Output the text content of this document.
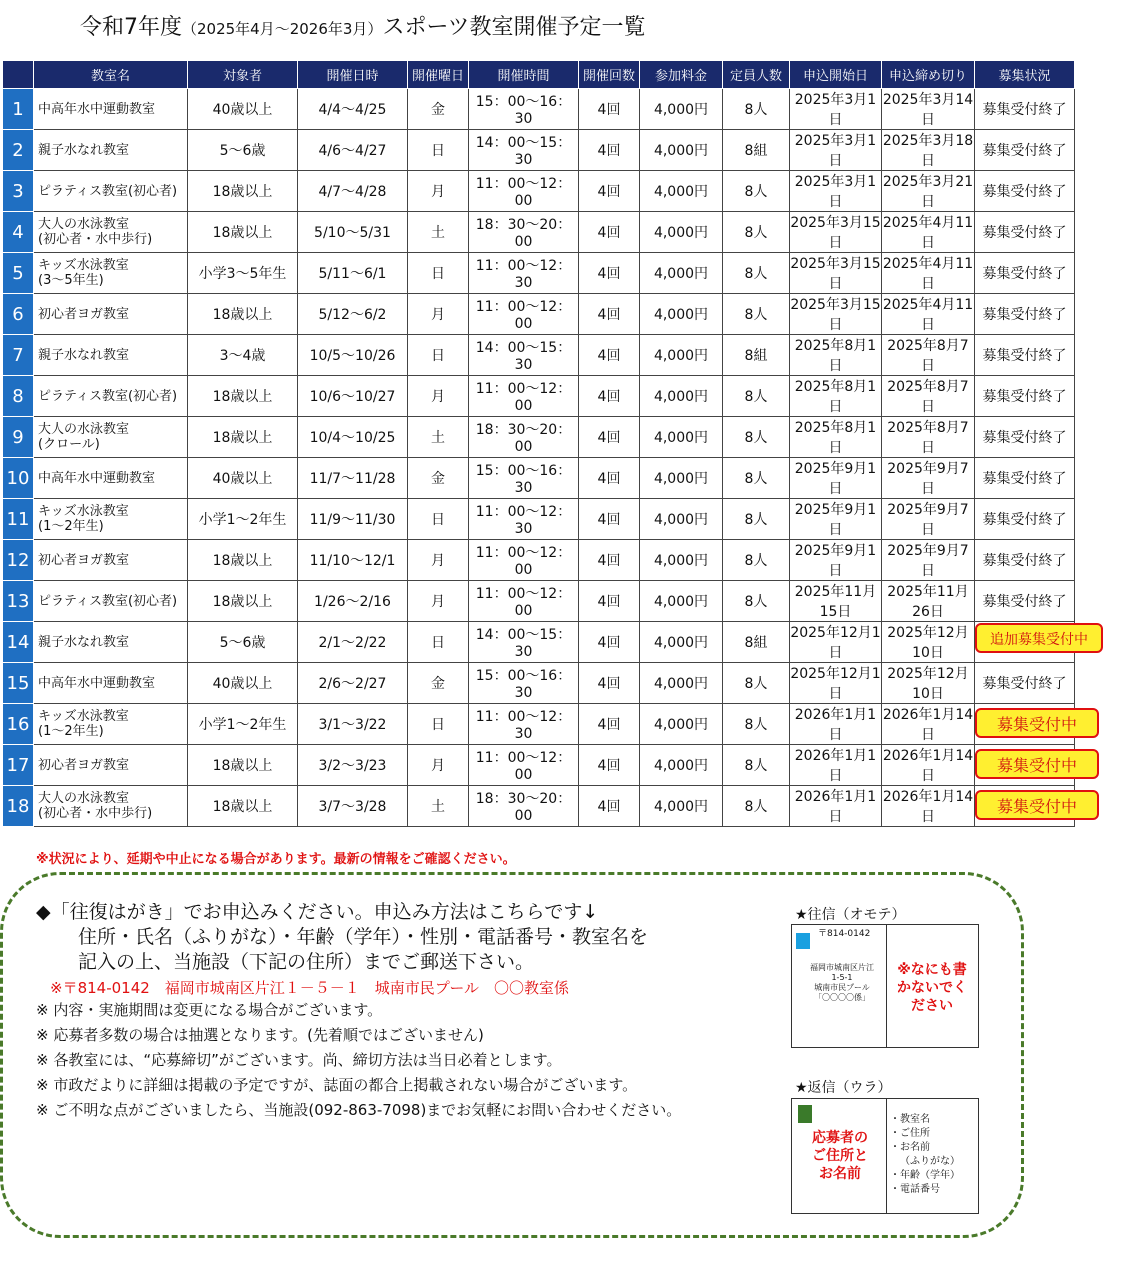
令和7年度（2025年4月～2026年3月）スポーツ教室開催予定一覧
	教室名	対象者	開催日時	開催曜日	開催時間	開催回数	参加料金	定員人数	申込開始日	申込締め切り	募集状況
1	中高年水中運動教室	40歳以上	4/4～4/25	金	15：00～16：30	4回	4,000円	8人	2025年3月1日	2025年3月14日	募集受付終了
2	親子水なれ教室	5～6歳	4/6～4/27	日	14：00～15：30	4回	4,000円	8組	2025年3月1日	2025年3月18日	募集受付終了
3	ピラティス教室(初心者)	18歳以上	4/7～4/28	月	11：00～12：00	4回	4,000円	8人	2025年3月1日	2025年3月21日	募集受付終了
4	大人の水泳教室
(初心者・水中歩行)	18歳以上	5/10～5/31	土	18：30～20：00	4回	4,000円	8人	2025年3月15日	2025年4月11日	募集受付終了
5	キッズ水泳教室
(3～5年生)	小学3～5年生	5/11～6/1	日	11：00～12：30	4回	4,000円	8人	2025年3月15日	2025年4月11日	募集受付終了
6	初心者ヨガ教室	18歳以上	5/12～6/2	月	11：00～12：00	4回	4,000円	8人	2025年3月15日	2025年4月11日	募集受付終了
7	親子水なれ教室	3～4歳	10/5～10/26	日	14：00～15：30	4回	4,000円	8組	2025年8月1日	2025年8月7日	募集受付終了
8	ピラティス教室(初心者)	18歳以上	10/6～10/27	月	11：00～12：00	4回	4,000円	8人	2025年8月1日	2025年8月7日	募集受付終了
9	大人の水泳教室
(クロール)	18歳以上	10/4～10/25	土	18：30～20：00	4回	4,000円	8人	2025年8月1日	2025年8月7日	募集受付終了
10	中高年水中運動教室	40歳以上	11/7～11/28	金	15：00～16：30	4回	4,000円	8人	2025年9月1日	2025年9月7日	募集受付終了
11	キッズ水泳教室
(1～2年生)	小学1～2年生	11/9～11/30	日	11：00～12：30	4回	4,000円	8人	2025年9月1日	2025年9月7日	募集受付終了
12	初心者ヨガ教室	18歳以上	11/10～12/1	月	11：00～12：00	4回	4,000円	8人	2025年9月1日	2025年9月7日	募集受付終了
13	ピラティス教室(初心者)	18歳以上	1/26～2/16	月	11：00～12：00	4回	4,000円	8人	2025年11月15日	2025年11月26日	募集受付終了
14	親子水なれ教室	5～6歳	2/1～2/22	日	14：00～15：30	4回	4,000円	8組	2025年12月1日	2025年12月10日	追加募集受付中

15	中高年水中運動教室	40歳以上	2/6～2/27	金	15：00～16：30	4回	4,000円	8人	2025年12月1日	2025年12月10日	募集受付終了
16	キッズ水泳教室
(1～2年生)	小学1～2年生	3/1～3/22	日	11：00～12：30	4回	4,000円	8人	2026年1月1日	2026年1月14日	募集受付中

17	初心者ヨガ教室	18歳以上	3/2～3/23	月	11：00～12：00	4回	4,000円	8人	2026年1月1日	2026年1月14日	募集受付中

18	大人の水泳教室
(初心者・水中歩行)	18歳以上	3/7～3/28	土	18：30～20：00	4回	4,000円	8人	2026年1月1日	2026年1月14日	募集受付中
※状況により、延期や中止になる場合があります。最新の情報をご確認ください。
◆「往復はがき」でお申込みください。申込み方法はこちらです↓
住所・氏名（ふりがな）・年齢（学年）・性別・電話番号・教室名を
記入の上、当施設（下記の住所）までご郵送下さい。
※〒814-0142　福岡市城南区片江１－５－１　城南市民プール　〇〇教室係
※ 内容・実施期間は変更になる場合がございます。
※ 応募者多数の場合は抽選となります。(先着順ではございません)
※ 各教室には、“応募締切”がございます。尚、締切方法は当日必着とします。
※ 市政だよりに詳細は掲載の予定ですが、誌面の都合上掲載されない場合がございます。
※ ご不明な点がございましたら、当施設(092-863-7098)までお気軽にお問い合わせください。
★往信（オモテ）
〒814-0142
福岡市城南区片江
1-5-1
城南市民プール
「〇〇〇〇係」
※なにも書
かないでく
ださい
★返信（ウラ）
応募者の
ご住所と
お名前
・教室名
・ご住所
・お名前
（ふりがな）
・年齢（学年）
・電話番号
